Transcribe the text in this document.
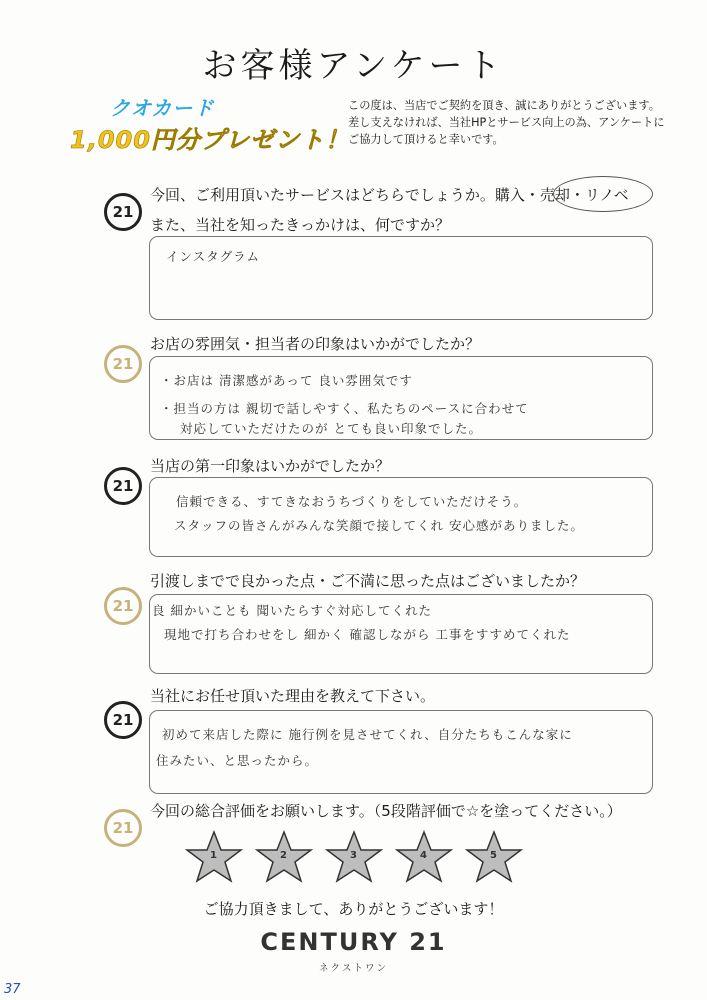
お客様アンケート
クオカード
1,000円分プレゼント！
この度は、当店でご契約を頂き、誠にありがとうございます。差し支えなければ、当社HPとサービス向上の為、アンケートにご協力して頂けると幸いです。
21
今回、ご利用頂いたサービスはどちらでしょうか。購入・売却・リノベ
また、当社を知ったきっかけは、何ですか？
インスタグラム
21
お店の雰囲気・担当者の印象はいかがでしたか？
・お店は 清潔感があって 良い雰囲気です
・担当の方は 親切で話しやすく、私たちのペースに合わせて
対応していただけたのが とても良い印象でした。
21
当店の第一印象はいかがでしたか？
信頼できる、すてきなおうちづくりをしていただけそう。
スタッフの皆さんがみんな笑顔で接してくれ 安心感がありました。
21
引渡しまでで良かった点・ご不満に思った点はございましたか？
良 細かいことも 聞いたらすぐ対応してくれた
現地で打ち合わせをし 細かく 確認しながら 工事をすすめてくれた
21
当社にお任せ頂いた理由を教えて下さい。
初めて来店した際に 施行例を見させてくれ、自分たちもこんな家に
住みたい、と思ったから。
21
今回の総合評価をお願いします。（5段階評価で☆を塗ってください。）
1	2	3	4	5
ご協力頂きまして、ありがとうございます！
CENTURY 21
ネクストワン
37
